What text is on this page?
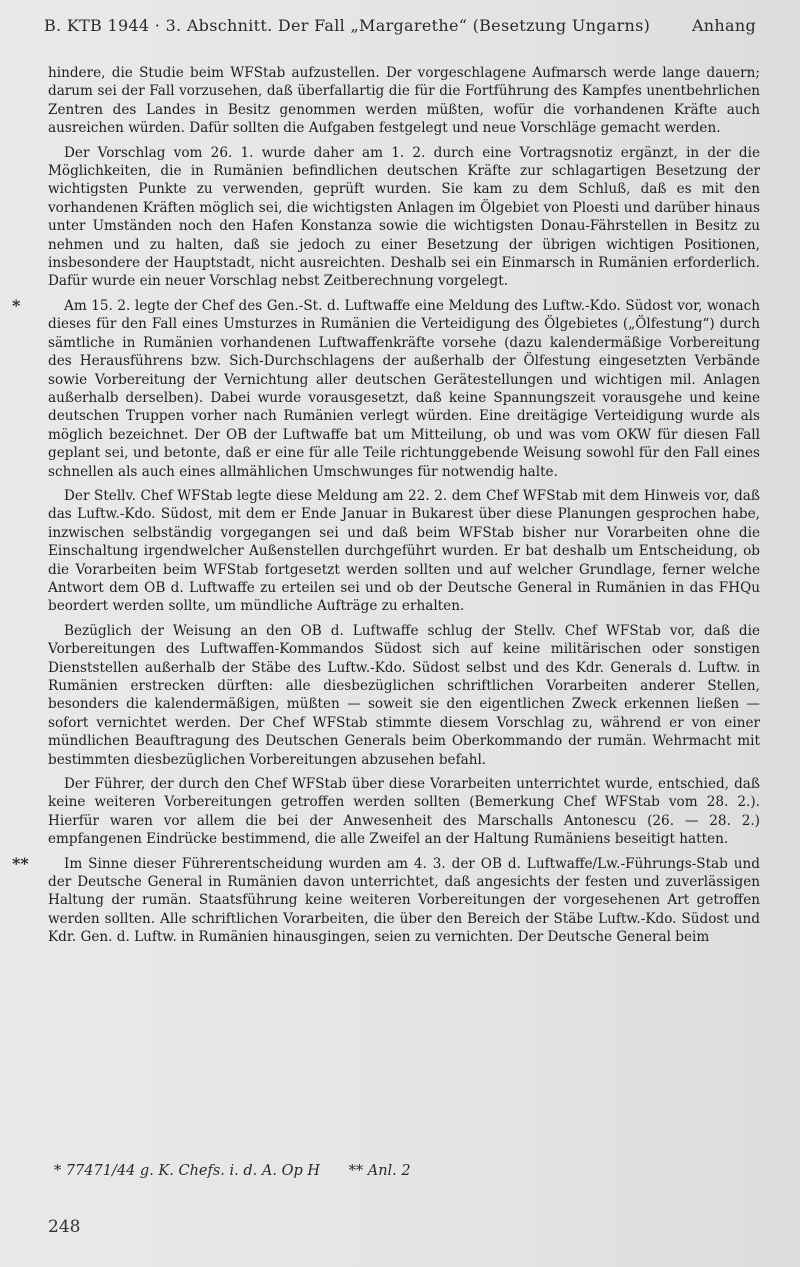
B. KTB 1944 · 3. Abschnitt. Der Fall „Margarethe“ (Besetzung Ungarns)	Anhang

hindere, die Studie beim WFStab aufzustellen. Der vorgeschlagene Aufmarsch werde lange dauern; darum sei der Fall vorzusehen, daß überfallartig die für die Fortführung des Kampfes unentbehrlichen Zentren des Landes in Besitz genommen werden müßten, wofür die vorhandenen Kräfte auch ausreichen würden. Dafür sollten die Aufgaben festgelegt und neue Vorschläge gemacht werden.

Der Vorschlag vom 26. 1. wurde daher am 1. 2. durch eine Vortragsnotiz ergänzt, in der die Möglichkeiten, die in Rumänien befindlichen deutschen Kräfte zur schlagartigen Besetzung der wichtigsten Punkte zu verwenden, geprüft wurden. Sie kam zu dem Schluß, daß es mit den vorhandenen Kräften möglich sei, die wichtigsten Anlagen im Ölgebiet von Ploesti und darüber hinaus unter Umständen noch den Hafen Konstanza sowie die wichtigsten Donau-Fährstellen in Besitz zu nehmen und zu halten, daß sie jedoch zu einer Besetzung der übrigen wichtigen Positionen, insbesondere der Hauptstadt, nicht ausreichten. Deshalb sei ein Einmarsch in Rumänien erforderlich. Dafür wurde ein neuer Vorschlag nebst Zeitberechnung vorgelegt.

*	Am 15. 2. legte der Chef des Gen.-St. d. Luftwaffe eine Meldung des Luftw.-Kdo. Südost vor, wonach dieses für den Fall eines Umsturzes in Rumänien die Verteidigung des Ölgebietes („Ölfestung“) durch sämtliche in Rumänien vorhandenen Luftwaffenkräfte vorsehe (dazu kalendermäßige Vorbereitung des Herausführens bzw. Sich-Durchschlagens der außerhalb der Ölfestung eingesetzten Verbände sowie Vorbereitung der Vernichtung aller deutschen Gerätestellungen und wichtigen mil. Anlagen außerhalb derselben). Dabei wurde vorausgesetzt, daß keine Spannungszeit vorausgehe und keine deutschen Truppen vorher nach Rumänien verlegt würden. Eine dreitägige Verteidigung wurde als möglich bezeichnet. Der OB der Luftwaffe bat um Mitteilung, ob und was vom OKW für diesen Fall geplant sei, und betonte, daß er eine für alle Teile richtunggebende Weisung sowohl für den Fall eines schnellen als auch eines allmählichen Umschwunges für notwendig halte.

Der Stellv. Chef WFStab legte diese Meldung am 22. 2. dem Chef WFStab mit dem Hinweis vor, daß das Luftw.-Kdo. Südost, mit dem er Ende Januar in Bukarest über diese Planungen gesprochen habe, inzwischen selbständig vorgegangen sei und daß beim WFStab bisher nur Vorarbeiten ohne die Einschaltung irgendwelcher Außenstellen durchgeführt wurden. Er bat deshalb um Entscheidung, ob die Vorarbeiten beim WFStab fortgesetzt werden sollten und auf welcher Grundlage, ferner welche Antwort dem OB d. Luftwaffe zu erteilen sei und ob der Deutsche General in Rumänien in das FHQu beordert werden sollte, um mündliche Aufträge zu erhalten.

Bezüglich der Weisung an den OB d. Luftwaffe schlug der Stellv. Chef WFStab vor, daß die Vorbereitungen des Luftwaffen-Kommandos Südost sich auf keine militärischen oder sonstigen Dienststellen außerhalb der Stäbe des Luftw.-Kdo. Südost selbst und des Kdr. Generals d. Luftw. in Rumänien erstrecken dürften: alle diesbezüglichen schriftlichen Vorarbeiten anderer Stellen, besonders die kalendermäßigen, müßten — soweit sie den eigentlichen Zweck erkennen ließen — sofort vernichtet werden. Der Chef WFStab stimmte diesem Vorschlag zu, während er von einer mündlichen Beauftragung des Deutschen Generals beim Oberkommando der rumän. Wehrmacht mit bestimmten diesbezüglichen Vorbereitungen abzusehen befahl.

Der Führer, der durch den Chef WFStab über diese Vorarbeiten unterrichtet wurde, entschied, daß keine weiteren Vorbereitungen getroffen werden sollten (Bemerkung Chef WFStab vom 28. 2.). Hierfür waren vor allem die bei der Anwesenheit des Marschalls Antonescu (26. — 28. 2.) empfangenen Eindrücke bestimmend, die alle Zweifel an der Haltung Rumäniens beseitigt hatten.

**	Im Sinne dieser Führerentscheidung wurden am 4. 3. der OB d. Luftwaffe/Lw.-Führungs-Stab und der Deutsche General in Rumänien davon unterrichtet, daß angesichts der festen und zuverlässigen Haltung der rumän. Staatsführung keine weiteren Vorbereitungen der vorgesehenen Art getroffen werden sollten. Alle schriftlichen Vorarbeiten, die über den Bereich der Stäbe Luftw.-Kdo. Südost und Kdr. Gen. d. Luftw. in Rumänien hinausgingen, seien zu vernichten. Der Deutsche General beim

* 77471/44 g. K. Chefs. i. d. A. Op H ** Anl. 2
248
